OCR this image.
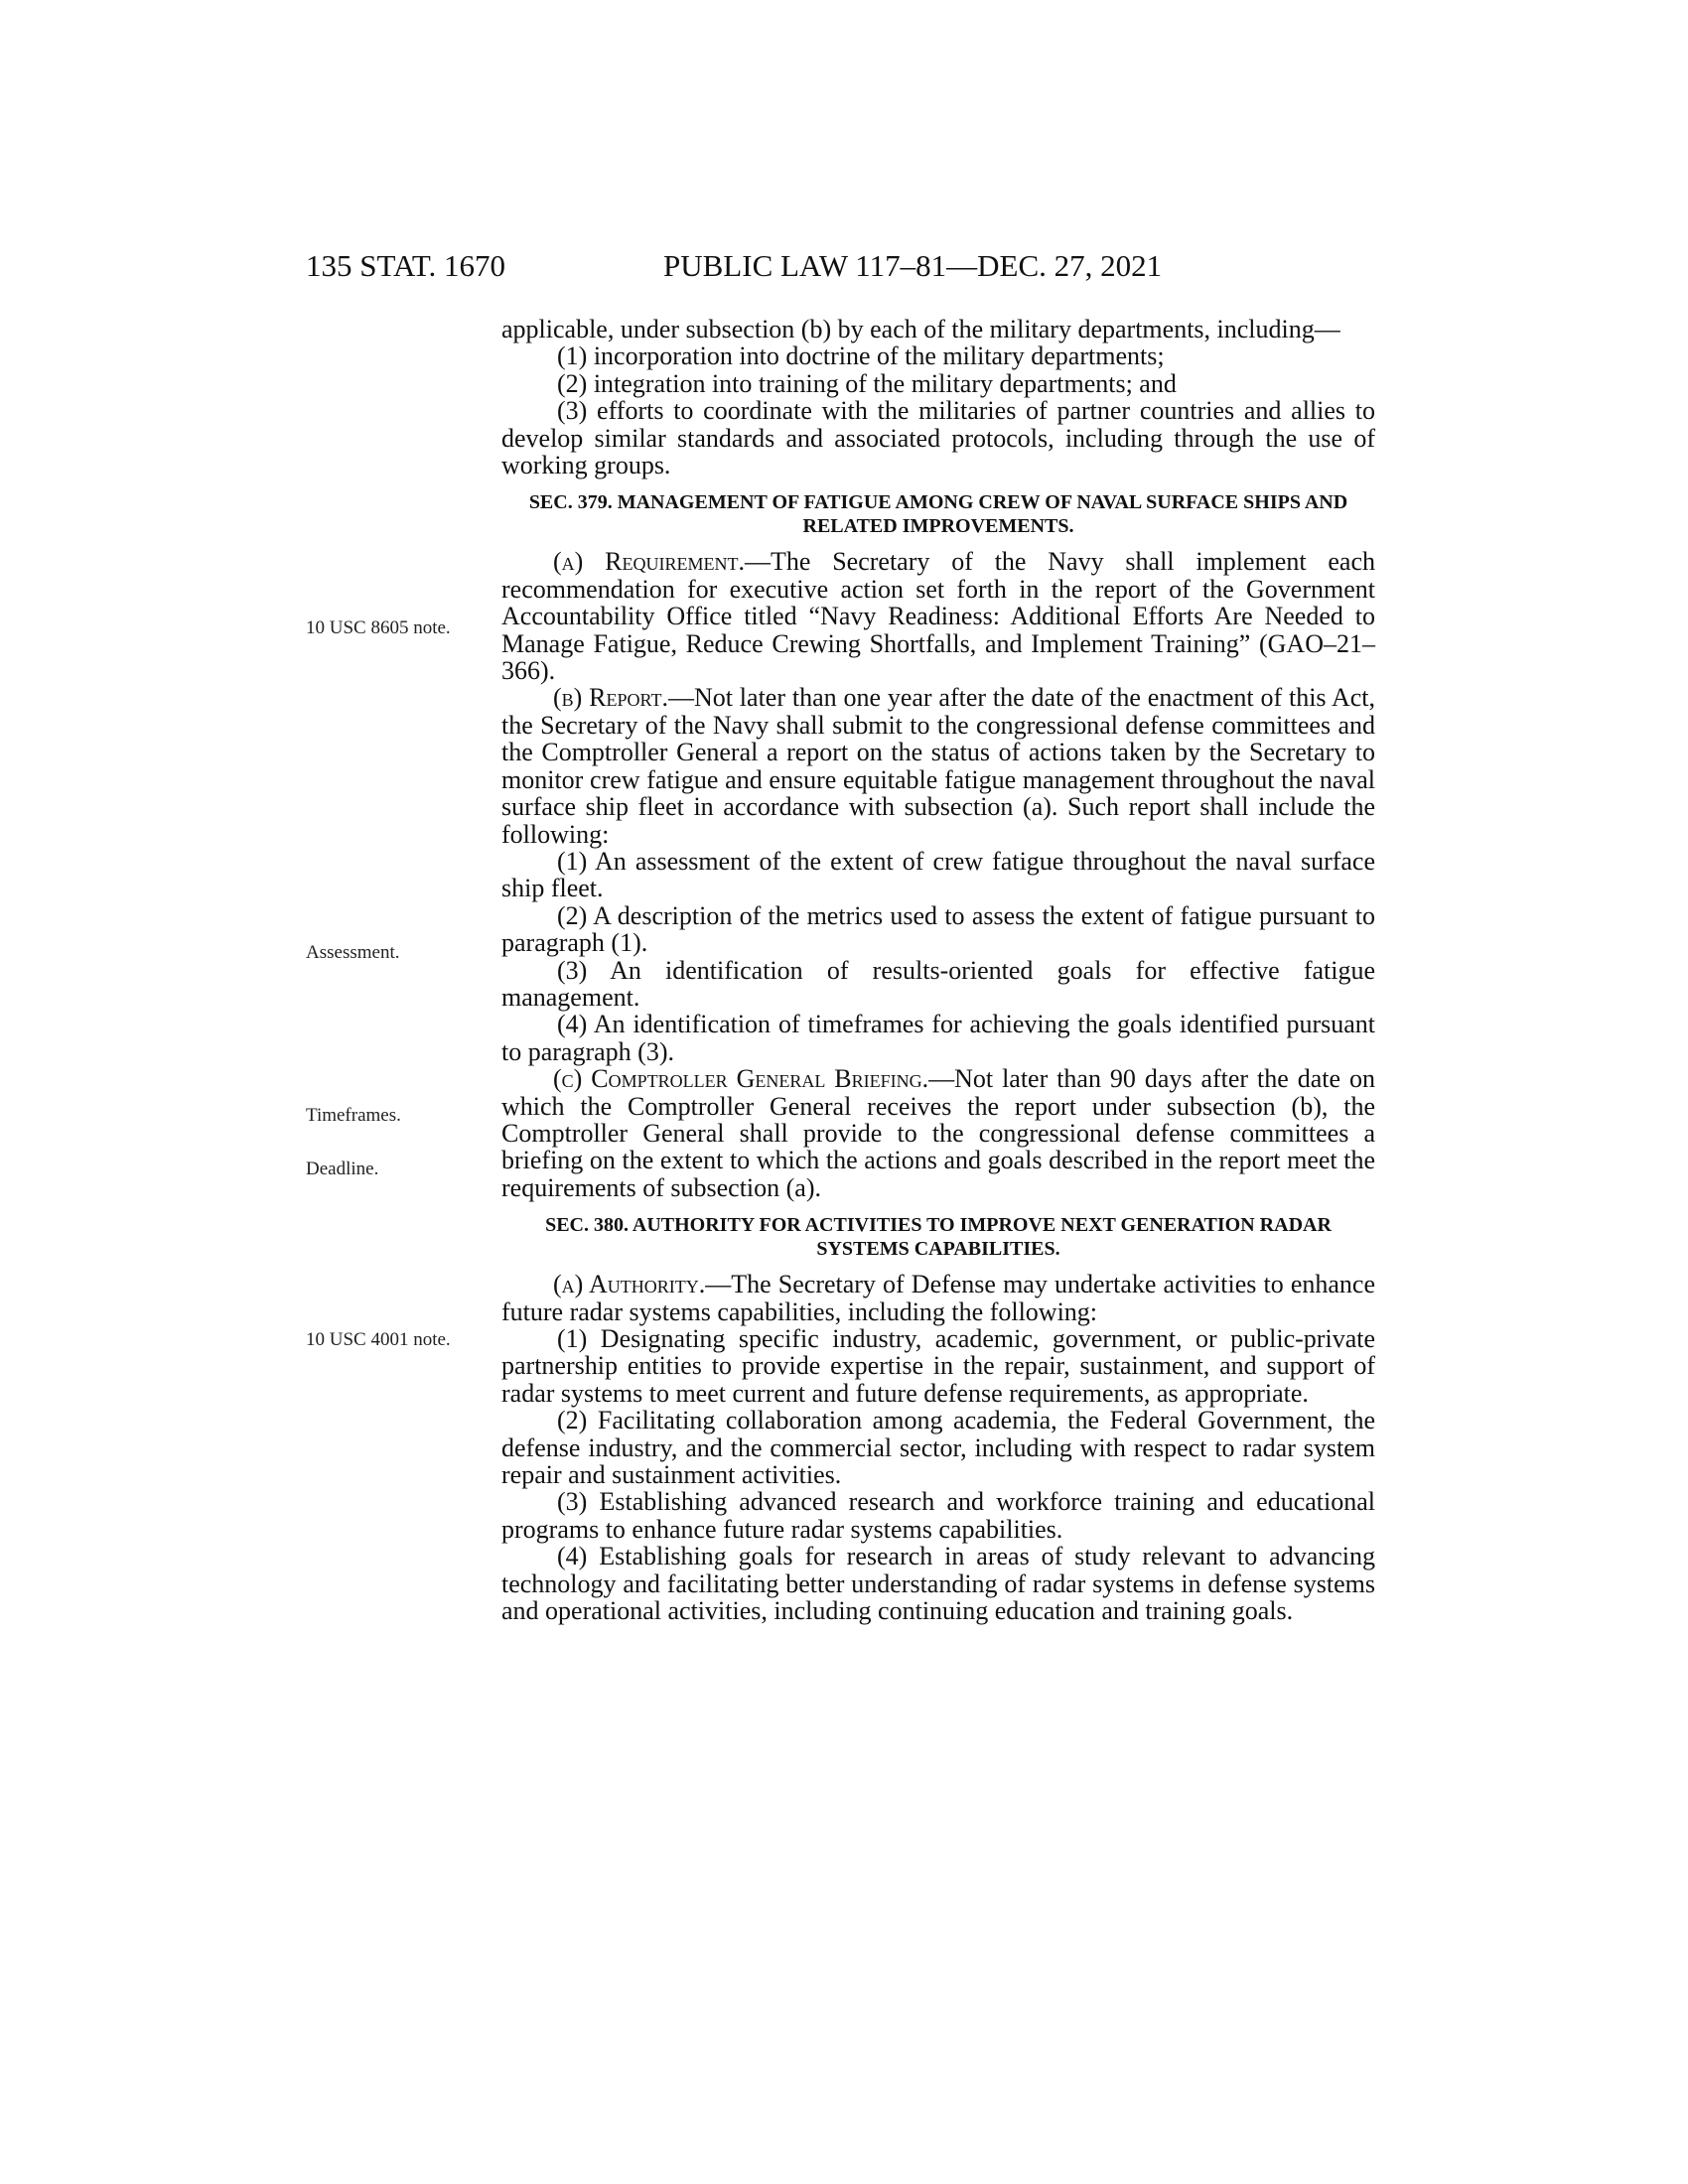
135 STAT. 1670	PUBLIC LAW 117–81—DEC. 27, 2021
10 USC 8605 note.
Assessment.
Timeframes.
Deadline.
10 USC 4001 note.

applicable, under subsection (b) by each of the military departments, including—

(1) incorporation into doctrine of the military departments;

(2) integration into training of the military departments; and

(3) efforts to coordinate with the militaries of partner countries and allies to develop similar standards and associated protocols, including through the use of working groups.

SEC. 379. MANAGEMENT OF FATIGUE AMONG CREW OF NAVAL SURFACE SHIPS AND RELATED IMPROVEMENTS.

(a) Requirement.—The Secretary of the Navy shall implement each recommendation for executive action set forth in the report of the Government Accountability Office titled “Navy Readiness: Additional Efforts Are Needed to Manage Fatigue, Reduce Crewing Shortfalls, and Implement Training” (GAO–21–366).

(b) Report.—Not later than one year after the date of the enactment of this Act, the Secretary of the Navy shall submit to the congressional defense committees and the Comptroller General a report on the status of actions taken by the Secretary to monitor crew fatigue and ensure equitable fatigue management throughout the naval surface ship fleet in accordance with subsection (a). Such report shall include the following:

(1) An assessment of the extent of crew fatigue throughout the naval surface ship fleet.

(2) A description of the metrics used to assess the extent of fatigue pursuant to paragraph (1).

(3) An identification of results-oriented goals for effective fatigue management.

(4) An identification of timeframes for achieving the goals identified pursuant to paragraph (3).

(c) Comptroller General Briefing.—Not later than 90 days after the date on which the Comptroller General receives the report under subsection (b), the Comptroller General shall provide to the congressional defense committees a briefing on the extent to which the actions and goals described in the report meet the requirements of subsection (a).

SEC. 380. AUTHORITY FOR ACTIVITIES TO IMPROVE NEXT GENERATION RADAR SYSTEMS CAPABILITIES.

(a) Authority.—The Secretary of Defense may undertake activities to enhance future radar systems capabilities, including the following:

(1) Designating specific industry, academic, government, or public-private partnership entities to provide expertise in the repair, sustainment, and support of radar systems to meet current and future defense requirements, as appropriate.

(2) Facilitating collaboration among academia, the Federal Government, the defense industry, and the commercial sector, including with respect to radar system repair and sustainment activities.

(3) Establishing advanced research and workforce training and educational programs to enhance future radar systems capabilities.

(4) Establishing goals for research in areas of study relevant to advancing technology and facilitating better understanding of radar systems in defense systems and operational activities, including continuing education and training goals.
